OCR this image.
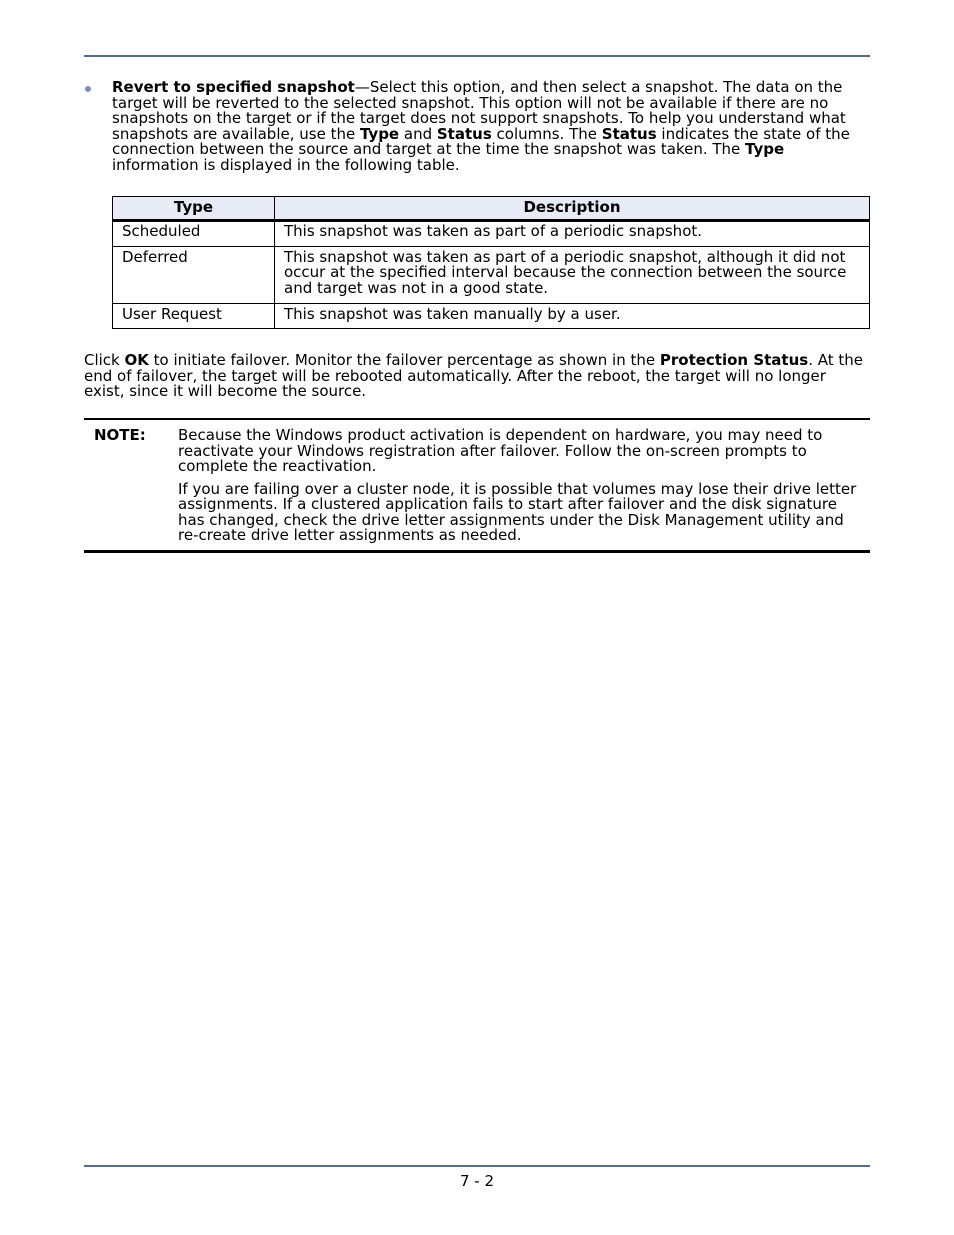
Revert to specified snapshot—Select this option, and then select a snapshot. The data on the target will be reverted to the selected snapshot. This option will not be available if there are no snapshots on the target or if the target does not support snapshots. To help you understand what snapshots are available, use the Type and Status columns. The Status indicates the state of the connection between the source and target at the time the snapshot was taken. The Type information is displayed in the following table.

Type	Description
Scheduled	This snapshot was taken as part of a periodic snapshot.
Deferred	This snapshot was taken as part of a periodic snapshot, although it did not occur at the specified interval because the connection between the source and target was not in a good state.
User Request	This snapshot was taken manually by a user.

Click OK to initiate failover. Monitor the failover percentage as shown in the Protection Status. At the end of failover, the target will be rebooted automatically. After the reboot, the target will no longer exist, since it will become the source.

NOTE:	Because the Windows product activation is dependent on hardware, you may need to reactivate your Windows registration after failover. Follow the on-screen prompts to complete the reactivation.

If you are failing over a cluster node, it is possible that volumes may lose their drive letter assignments. If a clustered application fails to start after failover and the disk signature has changed, check the drive letter assignments under the Disk Management utility and re-create drive letter assignments as needed.

7 - 2
